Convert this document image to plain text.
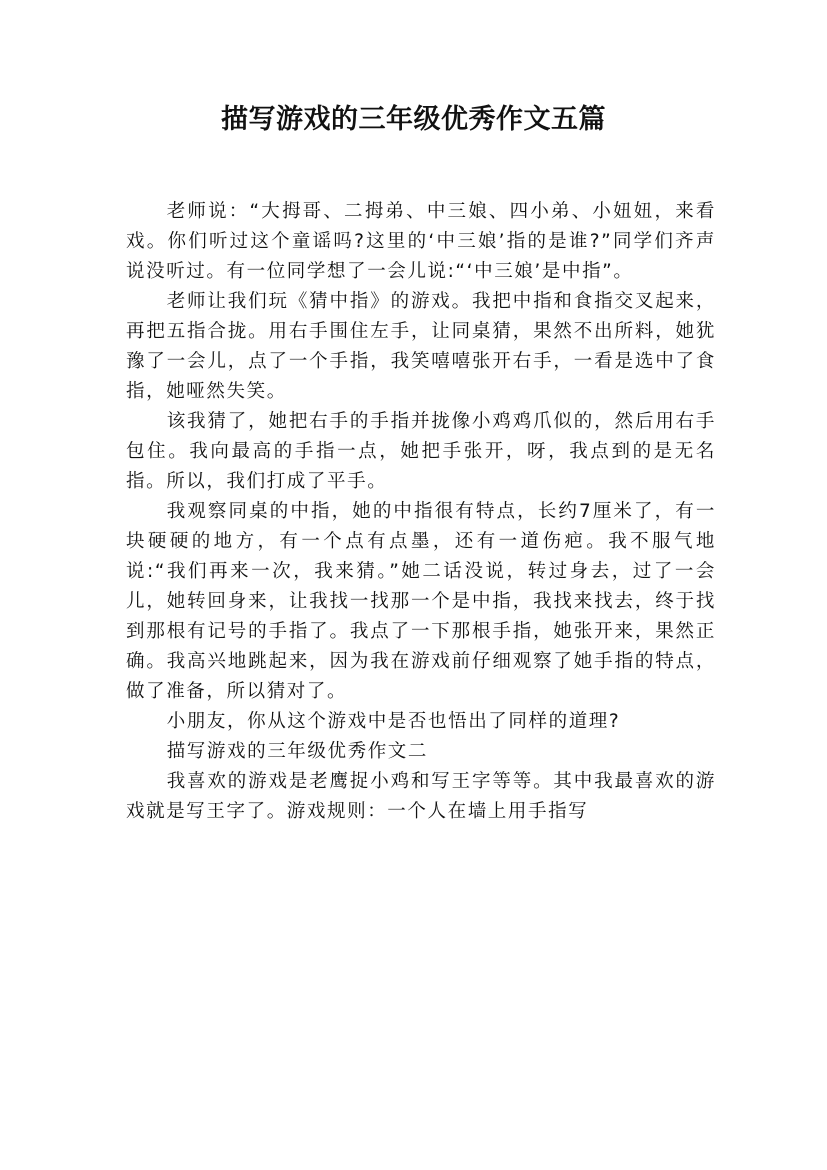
描写游戏的三年级优秀作文五篇

老师说：“大拇哥、二拇弟、中三娘、四小弟、小妞妞，来看戏。你们听过这个童谣吗?这里的‘中三娘’指的是谁?”同学们齐声说没听过。有一位同学想了一会儿说:“‘中三娘’是中指”。

老师让我们玩《猜中指》的游戏。我把中指和食指交叉起来，再把五指合拢。用右手围住左手，让同桌猜，果然不出所料，她犹豫了一会儿，点了一个手指，我笑嘻嘻张开右手，一看是选中了食指，她哑然失笑。

该我猜了，她把右手的手指并拢像小鸡鸡爪似的，然后用右手包住。我向最高的手指一点，她把手张开，呀，我点到的是无名指。所以，我们打成了平手。

我观察同桌的中指，她的中指很有特点，长约7厘米了，有一块硬硬的地方，有一个点有点墨，还有一道伤疤。我不服气地说:“我们再来一次，我来猜。”她二话没说，转过身去，过了一会儿，她转回身来，让我找一找那一个是中指，我找来找去，终于找到那根有记号的手指了。我点了一下那根手指，她张开来，果然正确。我高兴地跳起来，因为我在游戏前仔细观察了她手指的特点，做了准备，所以猜对了。

小朋友，你从这个游戏中是否也悟出了同样的道理?

描写游戏的三年级优秀作文二

我喜欢的游戏是老鹰捉小鸡和写王字等等。其中我最喜欢的游戏就是写王字了。游戏规则：一个人在墙上用手指写
